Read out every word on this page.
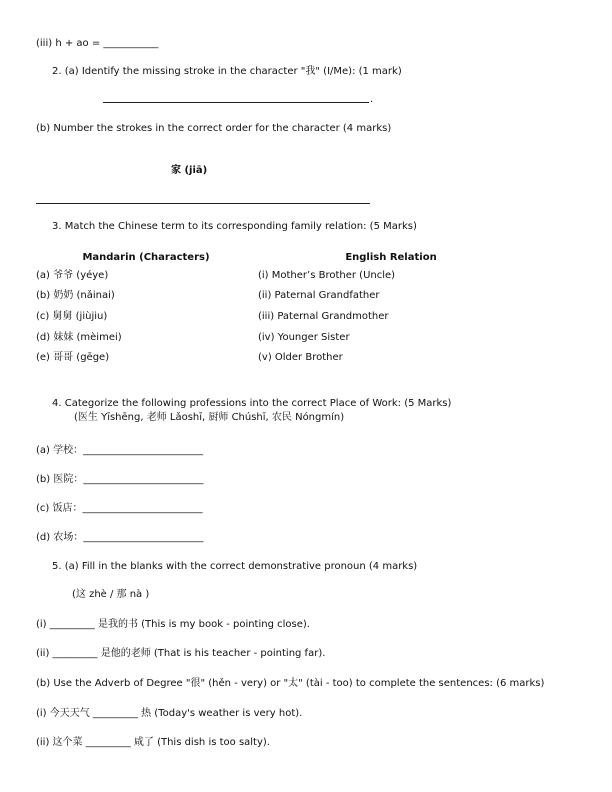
(iii) h + ao = ___________
2. (a) Identify the missing stroke in the character "我" (I/Me): (1 mark)
.
(b) Number the strokes in the correct order for the character (4 marks)
家 (jiā)
3. Match the Chinese term to its corresponding family relation: (5 Marks)
Mandarin (Characters)	English Relation
(a) 爷爷 (yéye)
(b) 奶奶 (nǎinai)
(c) 舅舅 (jiùjiu)
(d) 妹妹 (mèimei)
(e) 哥哥 (gēge)
(i) Mother’s Brother (Uncle)
(ii) Paternal Grandfather
(iii) Paternal Grandmother
(iv) Younger Sister
(v) Older Brother
4. Categorize the following professions into the correct Place of Work: (5 Marks)
(医生 Yīshēng, 老师 Lǎoshī, 厨师 Chúshī, 农民 Nóngmín)
(a) 学校：________________________
(b) 医院：________________________
(c) 饭店：________________________
(d) 农场：________________________
5. (a) Fill in the blanks with the correct demonstrative pronoun (4 marks)
(这 zhè / 那 nà )
(i) _________ 是我的书 (This is my book - pointing close).
(ii) _________ 是他的老师 (That is his teacher - pointing far).
(b) Use the Adverb of Degree "很" (hěn - very) or "太" (tài - too) to complete the sentences: (6 marks)
(i) 今天天气 _________ 热 (Today's weather is very hot).
(ii) 这个菜 _________ 咸了 (This dish is too salty).
